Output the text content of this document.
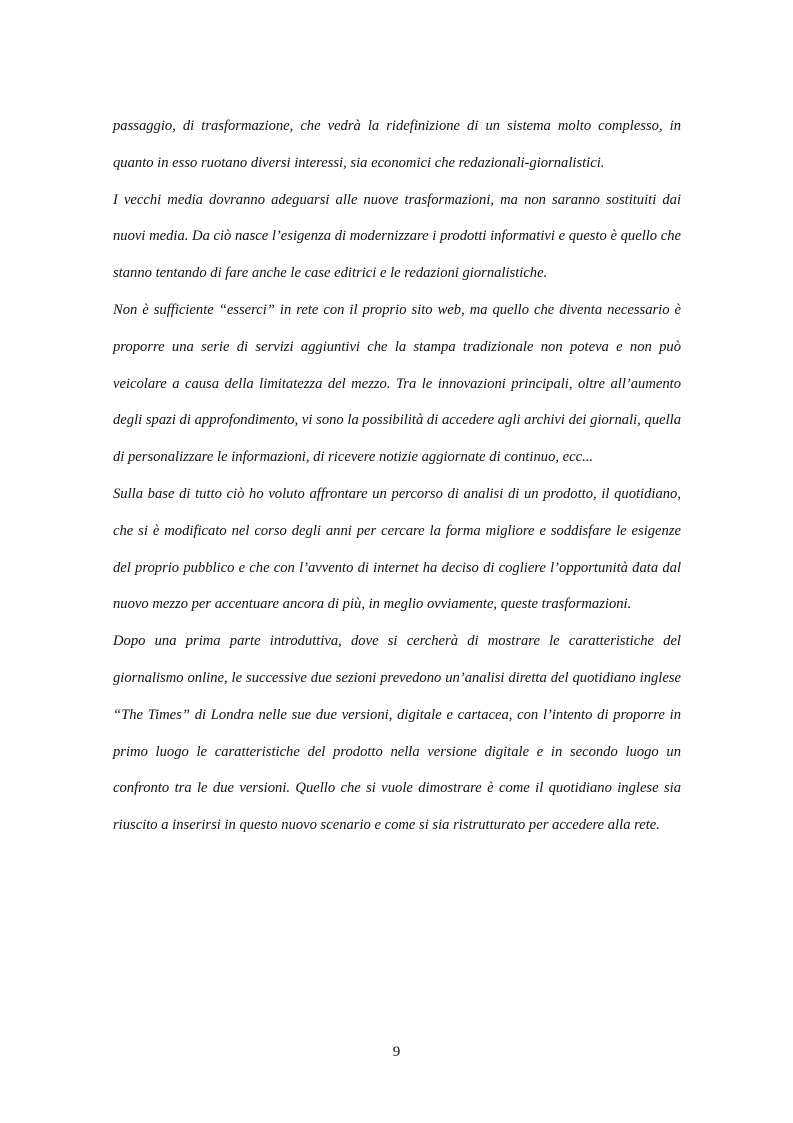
passaggio, di trasformazione, che vedrà la ridefinizione di un sistema molto complesso, in quanto in esso ruotano diversi interessi, sia economici che redazionali-giornalistici.

I vecchi media dovranno adeguarsi alle nuove trasformazioni, ma non saranno sostituiti dai nuovi media. Da ciò nasce l’esigenza di modernizzare i prodotti informativi e questo è quello che stanno tentando di fare anche le case editrici e le redazioni giornalistiche.

Non è sufficiente “esserci” in rete con il proprio sito web, ma quello che diventa necessario è proporre una serie di servizi aggiuntivi che la stampa tradizionale non poteva e non può veicolare a causa della limitatezza del mezzo. Tra le innovazioni principali, oltre all’aumento degli spazi di approfondimento, vi sono la possibilità di accedere agli archivi dei giornali, quella di personalizzare le informazioni, di ricevere notizie aggiornate di continuo, ecc...

Sulla base di tutto ciò ho voluto affrontare un percorso di analisi di un prodotto, il quotidiano, che si è modificato nel corso degli anni per cercare la forma migliore e soddisfare le esigenze del proprio pubblico e che con l’avvento di internet ha deciso di cogliere l’opportunità data dal nuovo mezzo per accentuare ancora di più, in meglio ovviamente, queste trasformazioni.

Dopo una prima parte introduttiva, dove si cercherà di mostrare le caratteristiche del giornalismo online, le successive due sezioni prevedono un’analisi diretta del quotidiano inglese “The Times” di Londra nelle sue due versioni, digitale e cartacea, con l’intento di proporre in primo luogo le caratteristiche del prodotto nella versione digitale e in secondo luogo un confronto tra le due versioni. Quello che si vuole dimostrare è come il quotidiano inglese sia riuscito a inserirsi in questo nuovo scenario e come si sia ristrutturato per accedere alla rete.

9
